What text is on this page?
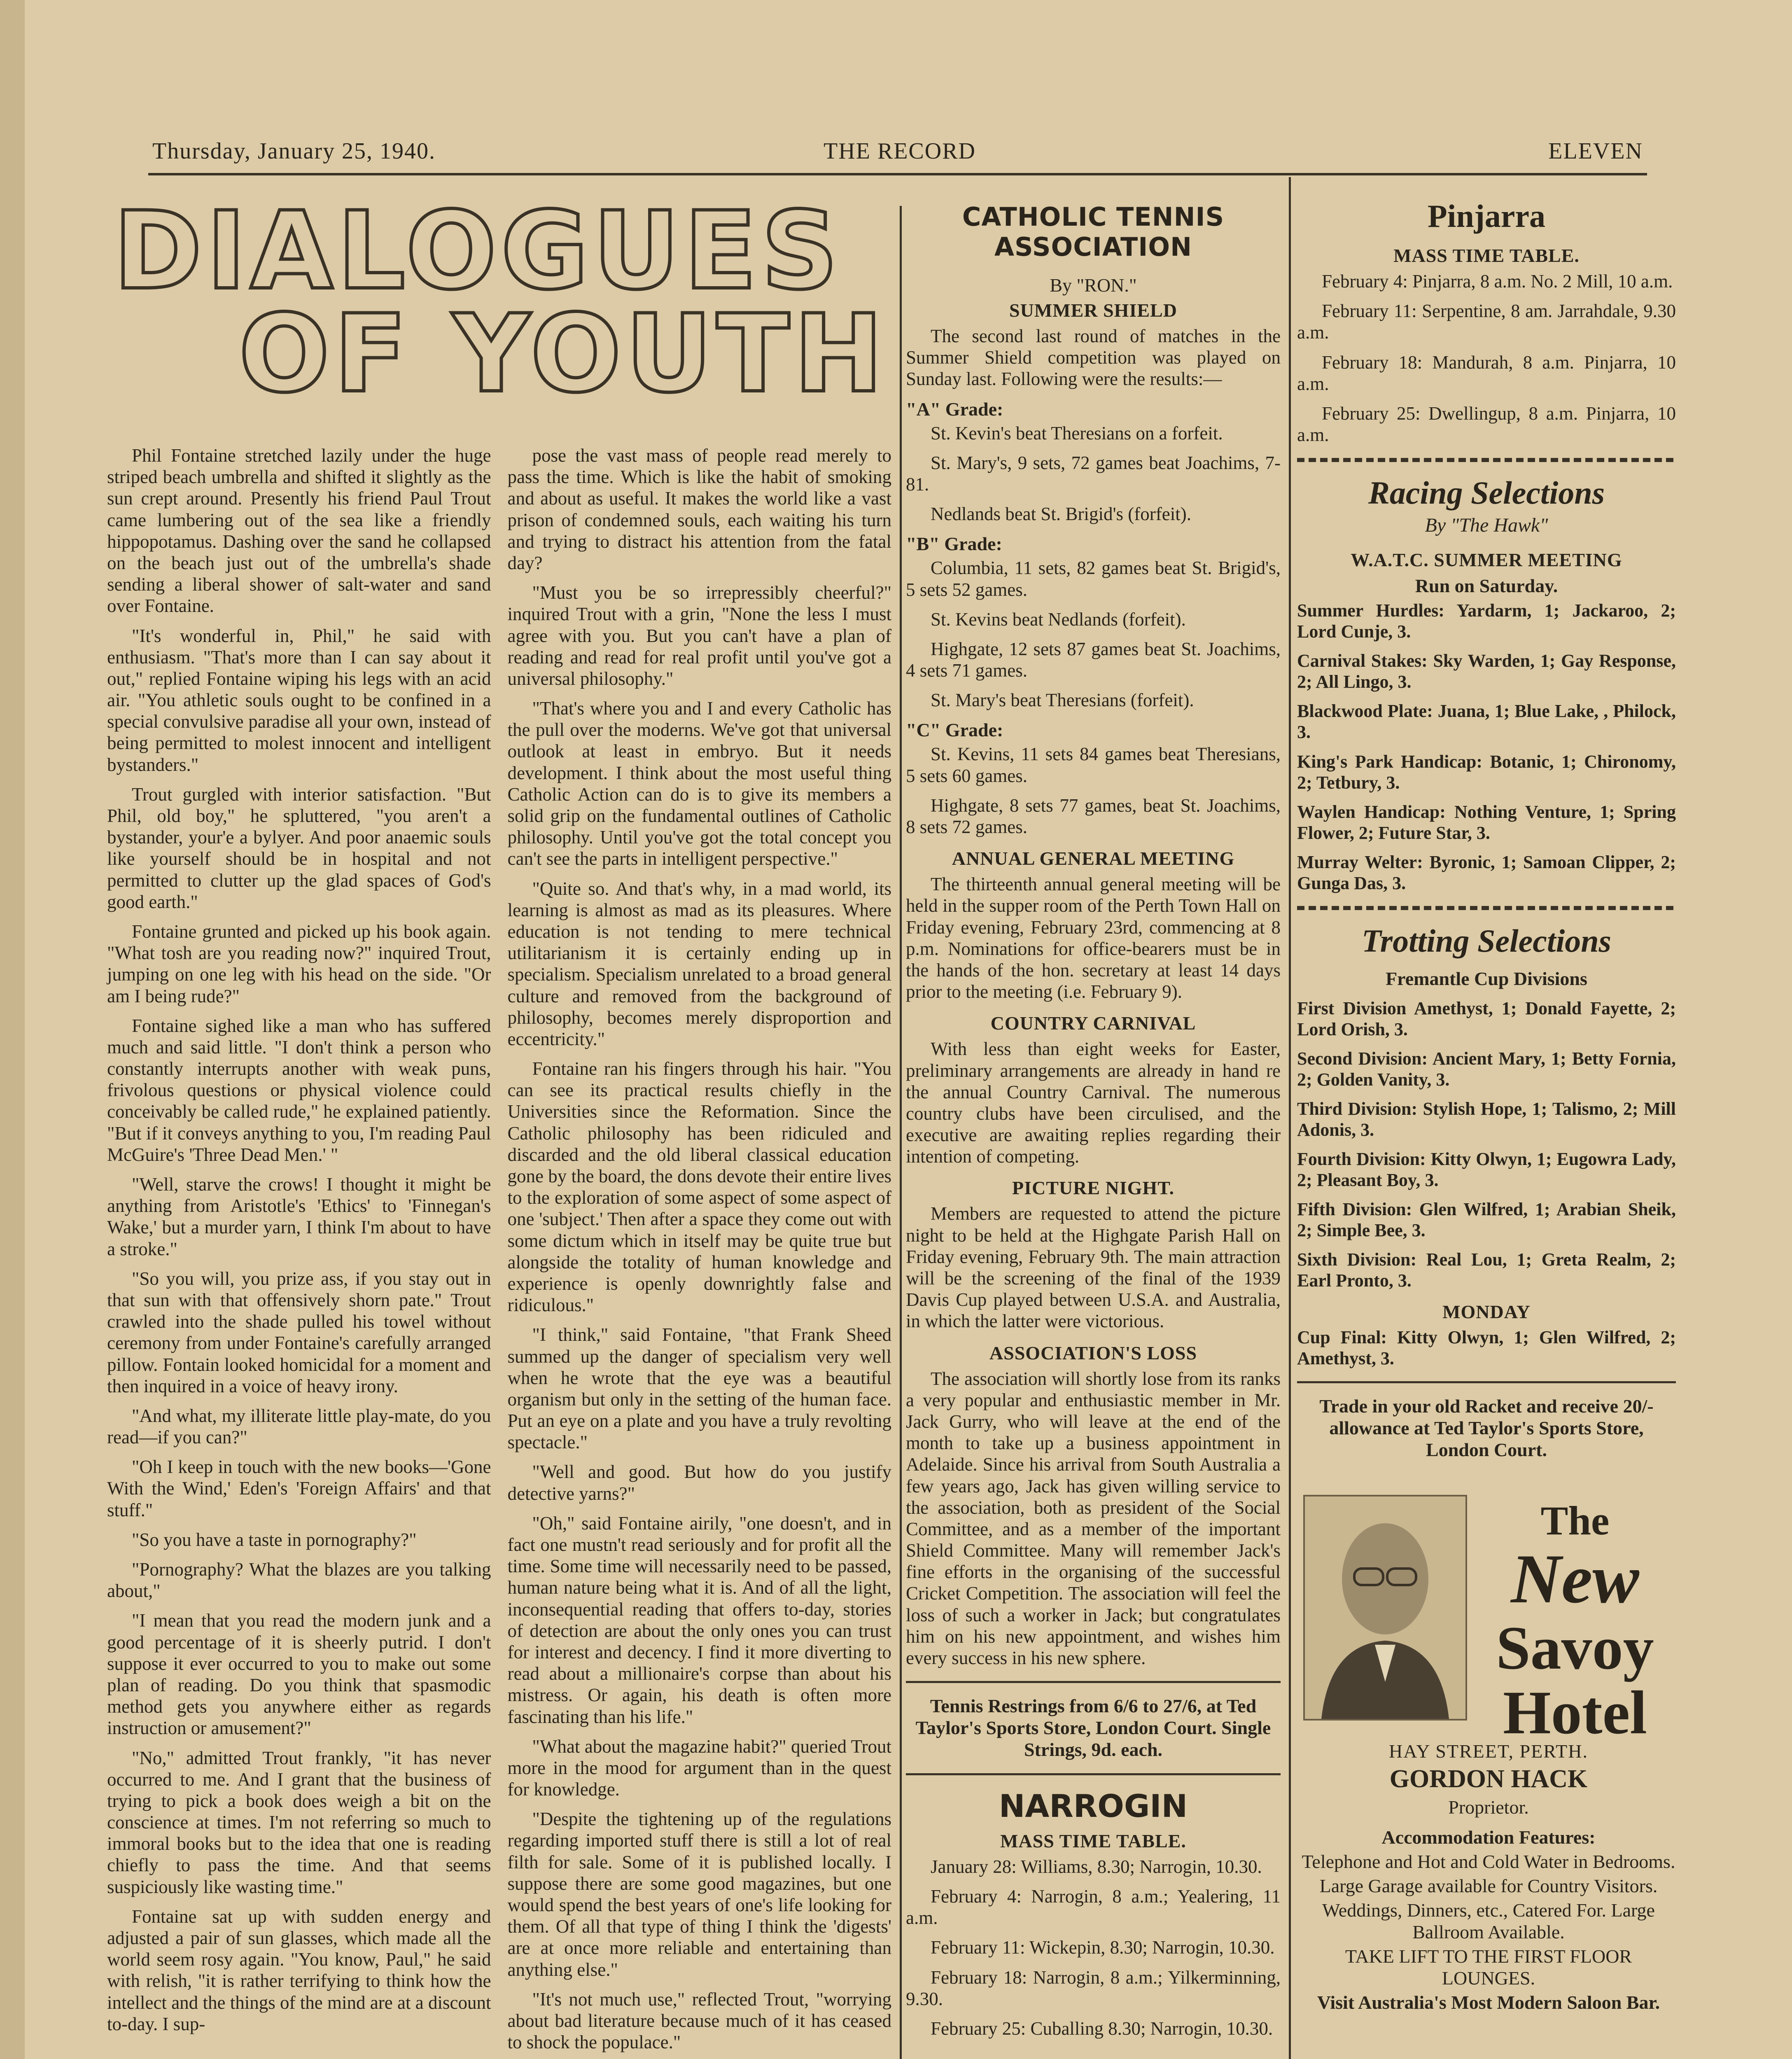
Thursday, January 25, 1940.	THE RECORD	ELEVEN
DIALOGUES
OF YOUTH

Phil Fontaine stretched lazily under the huge striped beach umbrella and shifted it slightly as the sun crept around. Presently his friend Paul Trout came lumbering out of the sea like a friendly hippopotamus. Dashing over the sand he collapsed on the beach just out of the umbrella's shade sending a liberal shower of salt-water and sand over Fontaine.

"It's wonderful in, Phil," he said with enthusiasm. "That's more than I can say about it out," replied Fontaine wiping his legs with an acid air. "You athletic souls ought to be confined in a special convulsive paradise all your own, instead of being permitted to molest innocent and intelligent bystanders."

Trout gurgled with interior satisfaction. "But Phil, old boy," he spluttered, "you aren't a bystander, your'e a bylyer. And poor anaemic souls like yourself should be in hospital and not permitted to clutter up the glad spaces of God's good earth."

Fontaine grunted and picked up his book again. "What tosh are you reading now?" inquired Trout, jumping on one leg with his head on the side. "Or am I being rude?"

Fontaine sighed like a man who has suffered much and said little. "I don't think a person who constantly interrupts another with weak puns, frivolous questions or physical violence could conceivably be called rude," he explained patiently. "But if it conveys anything to you, I'm reading Paul McGuire's 'Three Dead Men.' "

"Well, starve the crows! I thought it might be anything from Aristotle's 'Ethics' to 'Finnegan's Wake,' but a murder yarn, I think I'm about to have a stroke."

"So you will, you prize ass, if you stay out in that sun with that offensively shorn pate." Trout crawled into the shade pulled his towel without ceremony from under Fontaine's carefully arranged pillow. Fontain looked homicidal for a moment and then inquired in a voice of heavy irony.

"And what, my illiterate little play-mate, do you read—if you can?"

"Oh I keep in touch with the new books—'Gone With the Wind,' Eden's 'Foreign Affairs' and that stuff."

"So you have a taste in pornography?"

"Pornography? What the blazes are you talking about,"

"I mean that you read the modern junk and a good percentage of it is sheerly putrid. I don't suppose it ever occurred to you to make out some plan of reading. Do you think that spasmodic method gets you anywhere either as regards instruction or amusement?"

"No," admitted Trout frankly, "it has never occurred to me. And I grant that the business of trying to pick a book does weigh a bit on the conscience at times. I'm not referring so much to immoral books but to the idea that one is reading chiefly to pass the time. And that seems suspiciously like wasting time."

Fontaine sat up with sudden energy and adjusted a pair of sun glasses, which made all the world seem rosy again. "You know, Paul," he said with relish, "it is rather terrifying to think how the intellect and the things of the mind are at a discount to-day. I sup-

pose the vast mass of people read merely to pass the time. Which is like the habit of smoking and about as useful. It makes the world like a vast prison of condemned souls, each waiting his turn and trying to distract his attention from the fatal day?

"Must you be so irrepressibly cheerful?" inquired Trout with a grin, "None the less I must agree with you. But you can't have a plan of reading and read for real profit until you've got a universal philosophy."

"That's where you and I and every Catholic has the pull over the moderns. We've got that universal outlook at least in embryo. But it needs development. I think about the most useful thing Catholic Action can do is to give its members a solid grip on the fundamental outlines of Catholic philosophy. Until you've got the total concept you can't see the parts in intelligent perspective."

"Quite so. And that's why, in a mad world, its learning is almost as mad as its pleasures. Where education is not tending to mere technical utilitarianism it is certainly ending up in specialism. Specialism unrelated to a broad general culture and removed from the background of philosophy, becomes merely disproportion and eccentricity."

Fontaine ran his fingers through his hair. "You can see its practical results chiefly in the Universities since the Reformation. Since the Catholic philosophy has been ridiculed and discarded and the old liberal classical education gone by the board, the dons devote their entire lives to the exploration of some aspect of some aspect of one 'subject.' Then after a space they come out with some dictum which in itself may be quite true but alongside the totality of human knowledge and experience is openly downrightly false and ridiculous."

"I think," said Fontaine, "that Frank Sheed summed up the danger of specialism very well when he wrote that the eye was a beautiful organism but only in the setting of the human face. Put an eye on a plate and you have a truly revolting spectacle."

"Well and good. But how do you justify detective yarns?"

"Oh," said Fontaine airily, "one doesn't, and in fact one mustn't read seriously and for profit all the time. Some time will necessarily need to be passed, human nature being what it is. And of all the light, inconsequential reading that offers to-day, stories of detection are about the only ones you can trust for interest and decency. I find it more diverting to read about a millionaire's corpse than about his mistress. Or again, his death is often more fascinating than his life."

"What about the magazine habit?" queried Trout more in the mood for argument than in the quest for knowledge.

"Despite the tightening up of the regulations regarding imported stuff there is still a lot of real filth for sale. Some of it is published locally. I suppose there are some good magazines, but one would spend the best years of one's life looking for them. Of all that type of thing I think the 'digests' are at once more reliable and entertaining than anything else."

"It's not much use," reflected Trout, "worrying about bad literature because much of it has ceased to shock the populace."

CATHOLIC TENNIS ASSOCIATION
By "RON."
SUMMER SHIELD

The second last round of matches in the Summer Shield competition was played on Sunday last. Following were the results:—

"A" Grade:

St. Kevin's beat Theresians on a forfeit.

St. Mary's, 9 sets, 72 games beat Joachims, 7-81.

Nedlands beat St. Brigid's (forfeit).

"B" Grade:

Columbia, 11 sets, 82 games beat St. Brigid's, 5 sets 52 games.

St. Kevins beat Nedlands (forfeit).

Highgate, 12 sets 87 games beat St. Joachims, 4 sets 71 games.

St. Mary's beat Theresians (forfeit).

"C" Grade:

St. Kevins, 11 sets 84 games beat Theresians, 5 sets 60 games.

Highgate, 8 sets 77 games, beat St. Joachims, 8 sets 72 games.

ANNUAL GENERAL MEETING

The thirteenth annual general meeting will be held in the supper room of the Perth Town Hall on Friday evening, February 23rd, commencing at 8 p.m. Nominations for office-bearers must be in the hands of the hon. secretary at least 14 days prior to the meeting (i.e. February 9).

COUNTRY CARNIVAL

With less than eight weeks for Easter, preliminary arrangements are already in hand re the annual Country Carnival. The numerous country clubs have been circulised, and the executive are awaiting replies regarding their intention of competing.

PICTURE NIGHT.

Members are requested to attend the picture night to be held at the Highgate Parish Hall on Friday evening, February 9th. The main attraction will be the screening of the final of the 1939 Davis Cup played between U.S.A. and Australia, in which the latter were victorious.

ASSOCIATION'S LOSS

The association will shortly lose from its ranks a very popular and enthusiastic member in Mr. Jack Gurry, who will leave at the end of the month to take up a business appointment in Adelaide. Since his arrival from South Australia a few years ago, Jack has given willing service to the association, both as president of the Social Committee, and as a member of the important Shield Committee. Many will remember Jack's fine efforts in the organising of the successful Cricket Competition. The association will feel the loss of such a worker in Jack; but congratulates him on his new appointment, and wishes him every success in his new sphere.

Tennis Restrings from 6/6 to 27/6, at Ted Taylor's Sports Store, London Court. Single Strings, 9d. each.
NARROGIN
MASS TIME TABLE.

January 28: Williams, 8.30; Narrogin, 10.30.

February 4: Narrogin, 8 a.m.; Yealering, 11 a.m.

February 11: Wickepin, 8.30; Narrogin, 10.30.

February 18: Narrogin, 8 a.m.; Yilkerminning, 9.30.

February 25: Cuballing 8.30; Narrogin, 10.30.

Pinjarra
MASS TIME TABLE.

February 4: Pinjarra, 8 a.m. No. 2 Mill, 10 a.m.

February 11: Serpentine, 8 am. Jarrahdale, 9.30 a.m.

February 18: Mandurah, 8 a.m. Pinjarra, 10 a.m.

February 25: Dwellingup, 8 a.m. Pinjarra, 10 a.m.

Racing Selections
By "The Hawk"
W.A.T.C. SUMMER MEETING
Run on Saturday.

Summer Hurdles: Yardarm, 1; Jackaroo, 2; Lord Cunje, 3.

Carnival Stakes: Sky Warden, 1; Gay Response, 2; All Lingo, 3.

Blackwood Plate: Juana, 1; Blue Lake, , Philock, 3.

King's Park Handicap: Botanic, 1; Chironomy, 2; Tetbury, 3.

Waylen Handicap: Nothing Venture, 1; Spring Flower, 2; Future Star, 3.

Murray Welter: Byronic, 1; Samoan Clipper, 2; Gunga Das, 3.

Trotting Selections
Fremantle Cup Divisions

First Division Amethyst, 1; Donald Fayette, 2; Lord Orish, 3.

Second Division: Ancient Mary, 1; Betty Fornia, 2; Golden Vanity, 3.

Third Division: Stylish Hope, 1; Talismo, 2; Mill Adonis, 3.

Fourth Division: Kitty Olwyn, 1; Eugowra Lady, 2; Pleasant Boy, 3.

Fifth Division: Glen Wilfred, 1; Arabian Sheik, 2; Simple Bee, 3.

Sixth Division: Real Lou, 1; Greta Realm, 2; Earl Pronto, 3.

MONDAY

Cup Final: Kitty Olwyn, 1; Glen Wilfred, 2; Amethyst, 3.

Trade in your old Racket and receive 20/- allowance at Ted Taylor's Sports Store, London Court.
The
New
Savoy
Hotel
HAY STREET, PERTH.
GORDON HACK
Proprietor.
Accommodation Features:
Telephone and Hot and Cold Water in Bedrooms.
Large Garage available for Country Visitors.
Weddings, Dinners, etc., Catered For. Large Ballroom Available.
TAKE LIFT TO THE FIRST FLOOR LOUNGES.
Visit Australia's Most Modern Saloon Bar.
